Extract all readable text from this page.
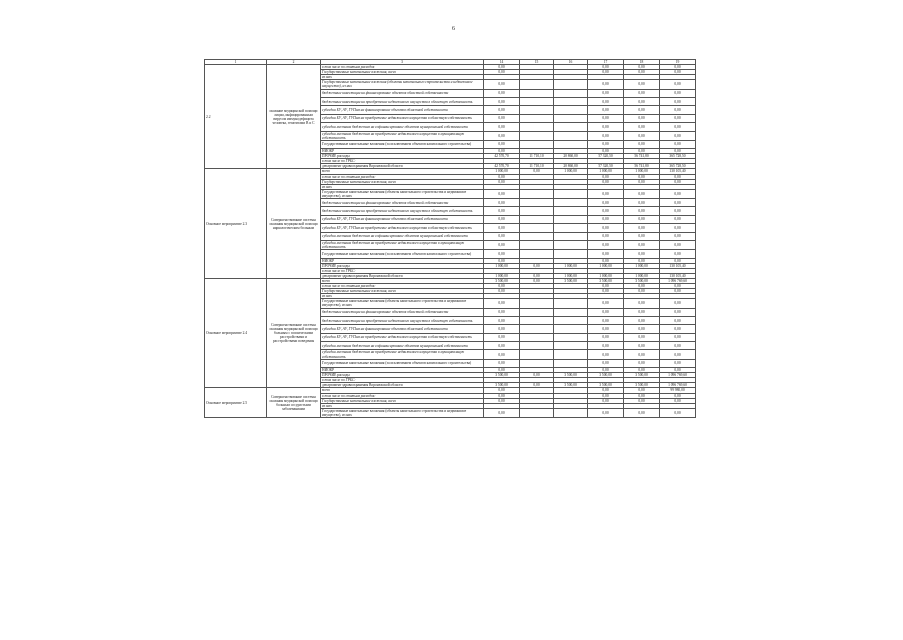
6
1	2	3	14	15	16	17	18	19
2.2	оказание медицинской помощи лицам, инфицированным вирусом иммунодефицита человека, гепатитами B и C	в том числе по статьям расходов	0,00			0,00	0,00	0,00
		Государственные капитальные вложения, всего	0,00			0,00	0,00	0,00
		из них						
		Государственные капитальные вложения (объекты капитального строительства и недвижимое имущество), из них	0,00			0,00	0,00	0,00
		бюджетные инвестиции на финансирование объектов областной собственности	0,00			0,00	0,00	0,00
		бюджетные инвестиции на приобретение недвижимого имущества в областную собственность	0,00			0,00	0,00	0,00
		субсидии БУ, АУ, ГУПам на финансирование объектов областной собственности	0,00			0,00	0,00	0,00
		субсидии БУ, АУ, ГУПам на приобретение недвижимого имущества в областную собственность	0,00			0,00	0,00	0,00
		субсидии местным бюджетам на софинансирование объектов муниципальной собственности	0,00			0,00	0,00	0,00
		субсидии местным бюджетам на приобретение недвижимого имущества в муниципальную собственность	0,00			0,00	0,00	0,00
		Государственные капитальные вложения (за исключением объектов капитального строительства)	0,00			0,00	0,00	0,00
		НИОКР	0,00			0,00	0,00	0,00
		ПРОЧИЕ расходы	42 570,70	11 710,10	20 860,00	57 320,50	56 741,80	365 728,50
		в том числе по ГРБС:						
		департамент здравоохранения Воронежской области	42 570,70	11 710,10	20 860,00	57 320,50	56 741,80	365 728,50
Основное мероприятие 2.3	Совершенствование системы оказания медицинской помощи наркологическим больным	всего	1 000,00	0,00	1 000,00	1 000,00	1 000,00	130 105,40
		в том числе по статьям расходов:	0,00			0,00	0,00	0,00
		Государственные капитальные вложения, всего	0,00			0,00	0,00	0,00
		из них						
		Государственные капитальные вложения (объекты капитального строительства и недвижимое имущество), из них	0,00			0,00	0,00	0,00
		бюджетные инвестиции на финансирование объектов областной собственности	0,00			0,00	0,00	0,00
		бюджетные инвестиции на приобретение недвижимого имущества в областную собственность	0,00			0,00	0,00	0,00
		субсидии БУ, АУ, ГУПам на финансирование объектов областной собственности	0,00			0,00	0,00	0,00
		субсидии БУ, АУ, ГУПам на приобретение недвижимого имущества в областную собственность	0,00			0,00	0,00	0,00
		субсидии местным бюджетам на софинансирование объектов муниципальной собственности	0,00			0,00	0,00	0,00
		субсидии местным бюджетам на приобретение недвижимого имущества в муниципальную собственность	0,00			0,00	0,00	0,00
		Государственные капитальные вложения (за исключением объектов капитального строительства)	0,00			0,00	0,00	0,00
		НИОКР	0,00			0,00	0,00	0,00
		ПРОЧИЕ расходы	1 000,00	0,00	1 000,00	1 000,00	1 000,00	130 105,40
		в том числе по ГРБС:						
		департамент здравоохранения Воронежской области	1 000,00	0,00	1 000,00	1 000,00	1 000,00	130 105,40
Основное мероприятие 2.4	Совершенствование системы оказания медицинской помощи больным с психическими расстройствами и расстройствами поведения	всего	3 500,00	0,00	3 500,00	3 500,00	3 500,00	1 096 769,60
		в том числе по статьям расходов:	0,00			0,00	0,00	0,00
		Государственные капитальные вложения, всего	0,00			0,00	0,00	0,00
		из них						
		Государственные капитальные вложения (объекты капитального строительства и недвижимое имущество), из них	0,00			0,00	0,00	0,00
		бюджетные инвестиции на финансирование объектов областной собственности	0,00			0,00	0,00	0,00
		бюджетные инвестиции на приобретение недвижимого имущества в областную собственность	0,00			0,00	0,00	0,00
		субсидии БУ, АУ, ГУПам на финансирование объектов областной собственности	0,00			0,00	0,00	0,00
		субсидии БУ, АУ, ГУПам на приобретение недвижимого имущества в областную собственность	0,00			0,00	0,00	0,00
		субсидии местным бюджетам на софинансирование объектов муниципальной собственности	0,00			0,00	0,00	0,00
		субсидии местным бюджетам на приобретение недвижимого имущества в муниципальную собственность	0,00			0,00	0,00	0,00
		Государственные капитальные вложения (за исключением объектов капитального строительства)	0,00			0,00	0,00	0,00
		НИОКР	0,00			0,00	0,00	0,00
		ПРОЧИЕ расходы	3 500,00	0,00	3 500,00	3 500,00	3 500,00	1 096 769,60
		в том числе по ГРБС:						
		департамент здравоохранения Воронежской области	3 500,00	0,00	3 500,00	3 500,00	3 500,00	1 096 769,60
Основное мероприятие 2.5	Совершенствование системы оказания медицинской помощи больным сосудистыми заболеваниями	всего	0,00			0,00	0,00	99 980,00
		в том числе по статьям расходов:	0,00			0,00	0,00	0,00
		Государственные капитальные вложения, всего	0,00			0,00	0,00	0,00
		из них						
		Государственные капитальные вложения (объекты капитального строительства и недвижимое имущество), из них	0,00			0,00	0,00	0,00
